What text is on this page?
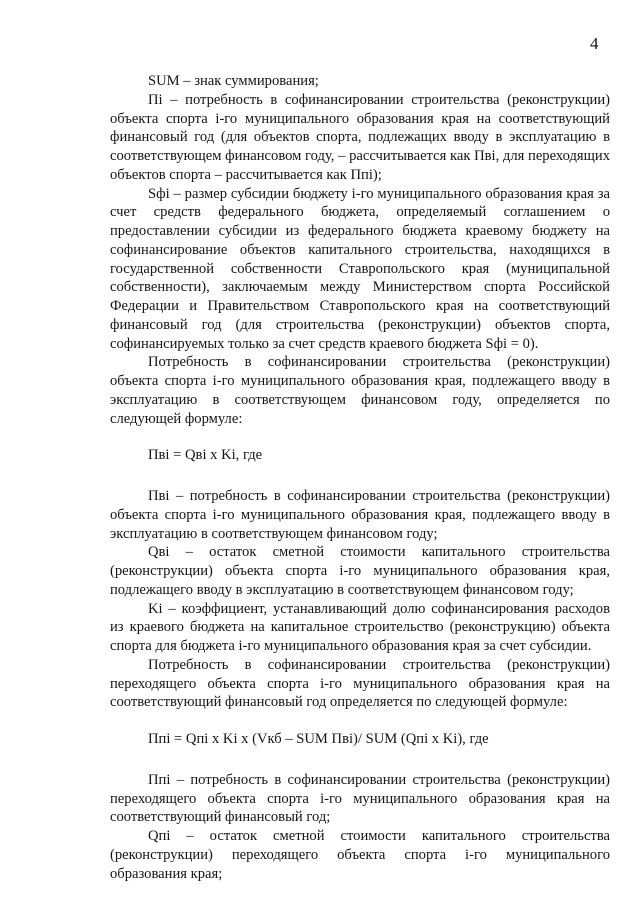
4

SUM – знак суммирования;

Пi – потребность в софинансировании строительства (реконструкции) объекта спорта i-го муниципального образования края на соответствующий финансовый год (для объектов спорта, подлежащих вводу в эксплуатацию в соответствующем финансовом году, – рассчитывается как Пвi, для переходящих объектов спорта – рассчитывается как Ппi);

Sфi – размер субсидии бюджету i-го муниципального образования края за счет средств федерального бюджета, определяемый соглашением о предоставлении субсидии из федерального бюджета краевому бюджету на софинансирование объектов капитального строительства, находящихся в государственной собственности Ставропольского края (муниципальной собственности), заключаемым между Министерством спорта Российской Федерации и Правительством Ставропольского края на соответствующий финансовый год (для строительства (реконструкции) объектов спорта, софинансируемых только за счет средств краевого бюджета Sфi = 0).

Потребность в софинансировании строительства (реконструкции) объекта спорта i-го муниципального образования края, подлежащего вводу в эксплуатацию в соответствующем финансовом году, определяется по следующей формуле:

Пвi = Qвi x Ki, где

Пвi – потребность в софинансировании строительства (реконструкции) объекта спорта i-го муниципального образования края, подлежащего вводу в эксплуатацию в соответствующем финансовом году;

Qвi – остаток сметной стоимости капитального строительства (реконструкции) объекта спорта i-го муниципального образования края, подлежащего вводу в эксплуатацию в соответствующем финансовом году;

Ki – коэффициент, устанавливающий долю софинансирования расходов из краевого бюджета на капитальное строительство (реконструкцию) объекта спорта для бюджета i-го муниципального образования края за счет субсидии.

Потребность в софинансировании строительства (реконструкции) переходящего объекта спорта i-го муниципального образования края на соответствующий финансовый год определяется по следующей формуле:

Ппi = Qпi x Ki x (Vкб – SUM Пвi)/ SUM (Qпi x Ki), где

Ппi – потребность в софинансировании строительства (реконструкции) переходящего объекта спорта i-го муниципального образования края на соответствующий финансовый год;

Qпi – остаток сметной стоимости капитального строительства (реконструкции) переходящего объекта спорта i-го муниципального образования края;
